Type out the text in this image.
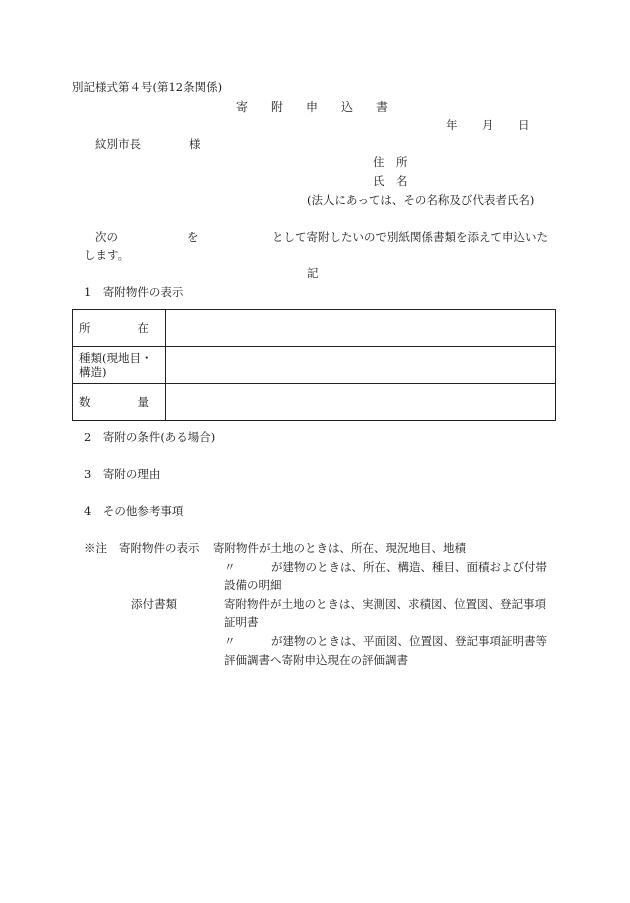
別記様式第４号(第12条関係)
寄 附 申 込 書
年 月 日
紋別市長	様
住　所
氏　名
(法人にあっては、その名称及び代表者氏名)
次の	を	として寄附したいので別紙関係書類を添えて申込いた
します。
記
1　寄附物件の表示
所 在	

種類(現地目・構造)	

数 量	

2　寄附の条件(ある場合)
3　寄附の理由
4　その他参考事項
※注 寄附物件の表示 寄附物件が土地のときは、所在、現況地目、地積
〃	が建物のときは、所在、構造、種目、面積および付帯
設備の明細
添付書類	寄附物件が土地のときは、実測図、求積図、位置図、登記事項
証明書
〃	が建物のときは、平面図、位置図、登記事項証明書等
評価調書へ寄附申込現在の評価調書
